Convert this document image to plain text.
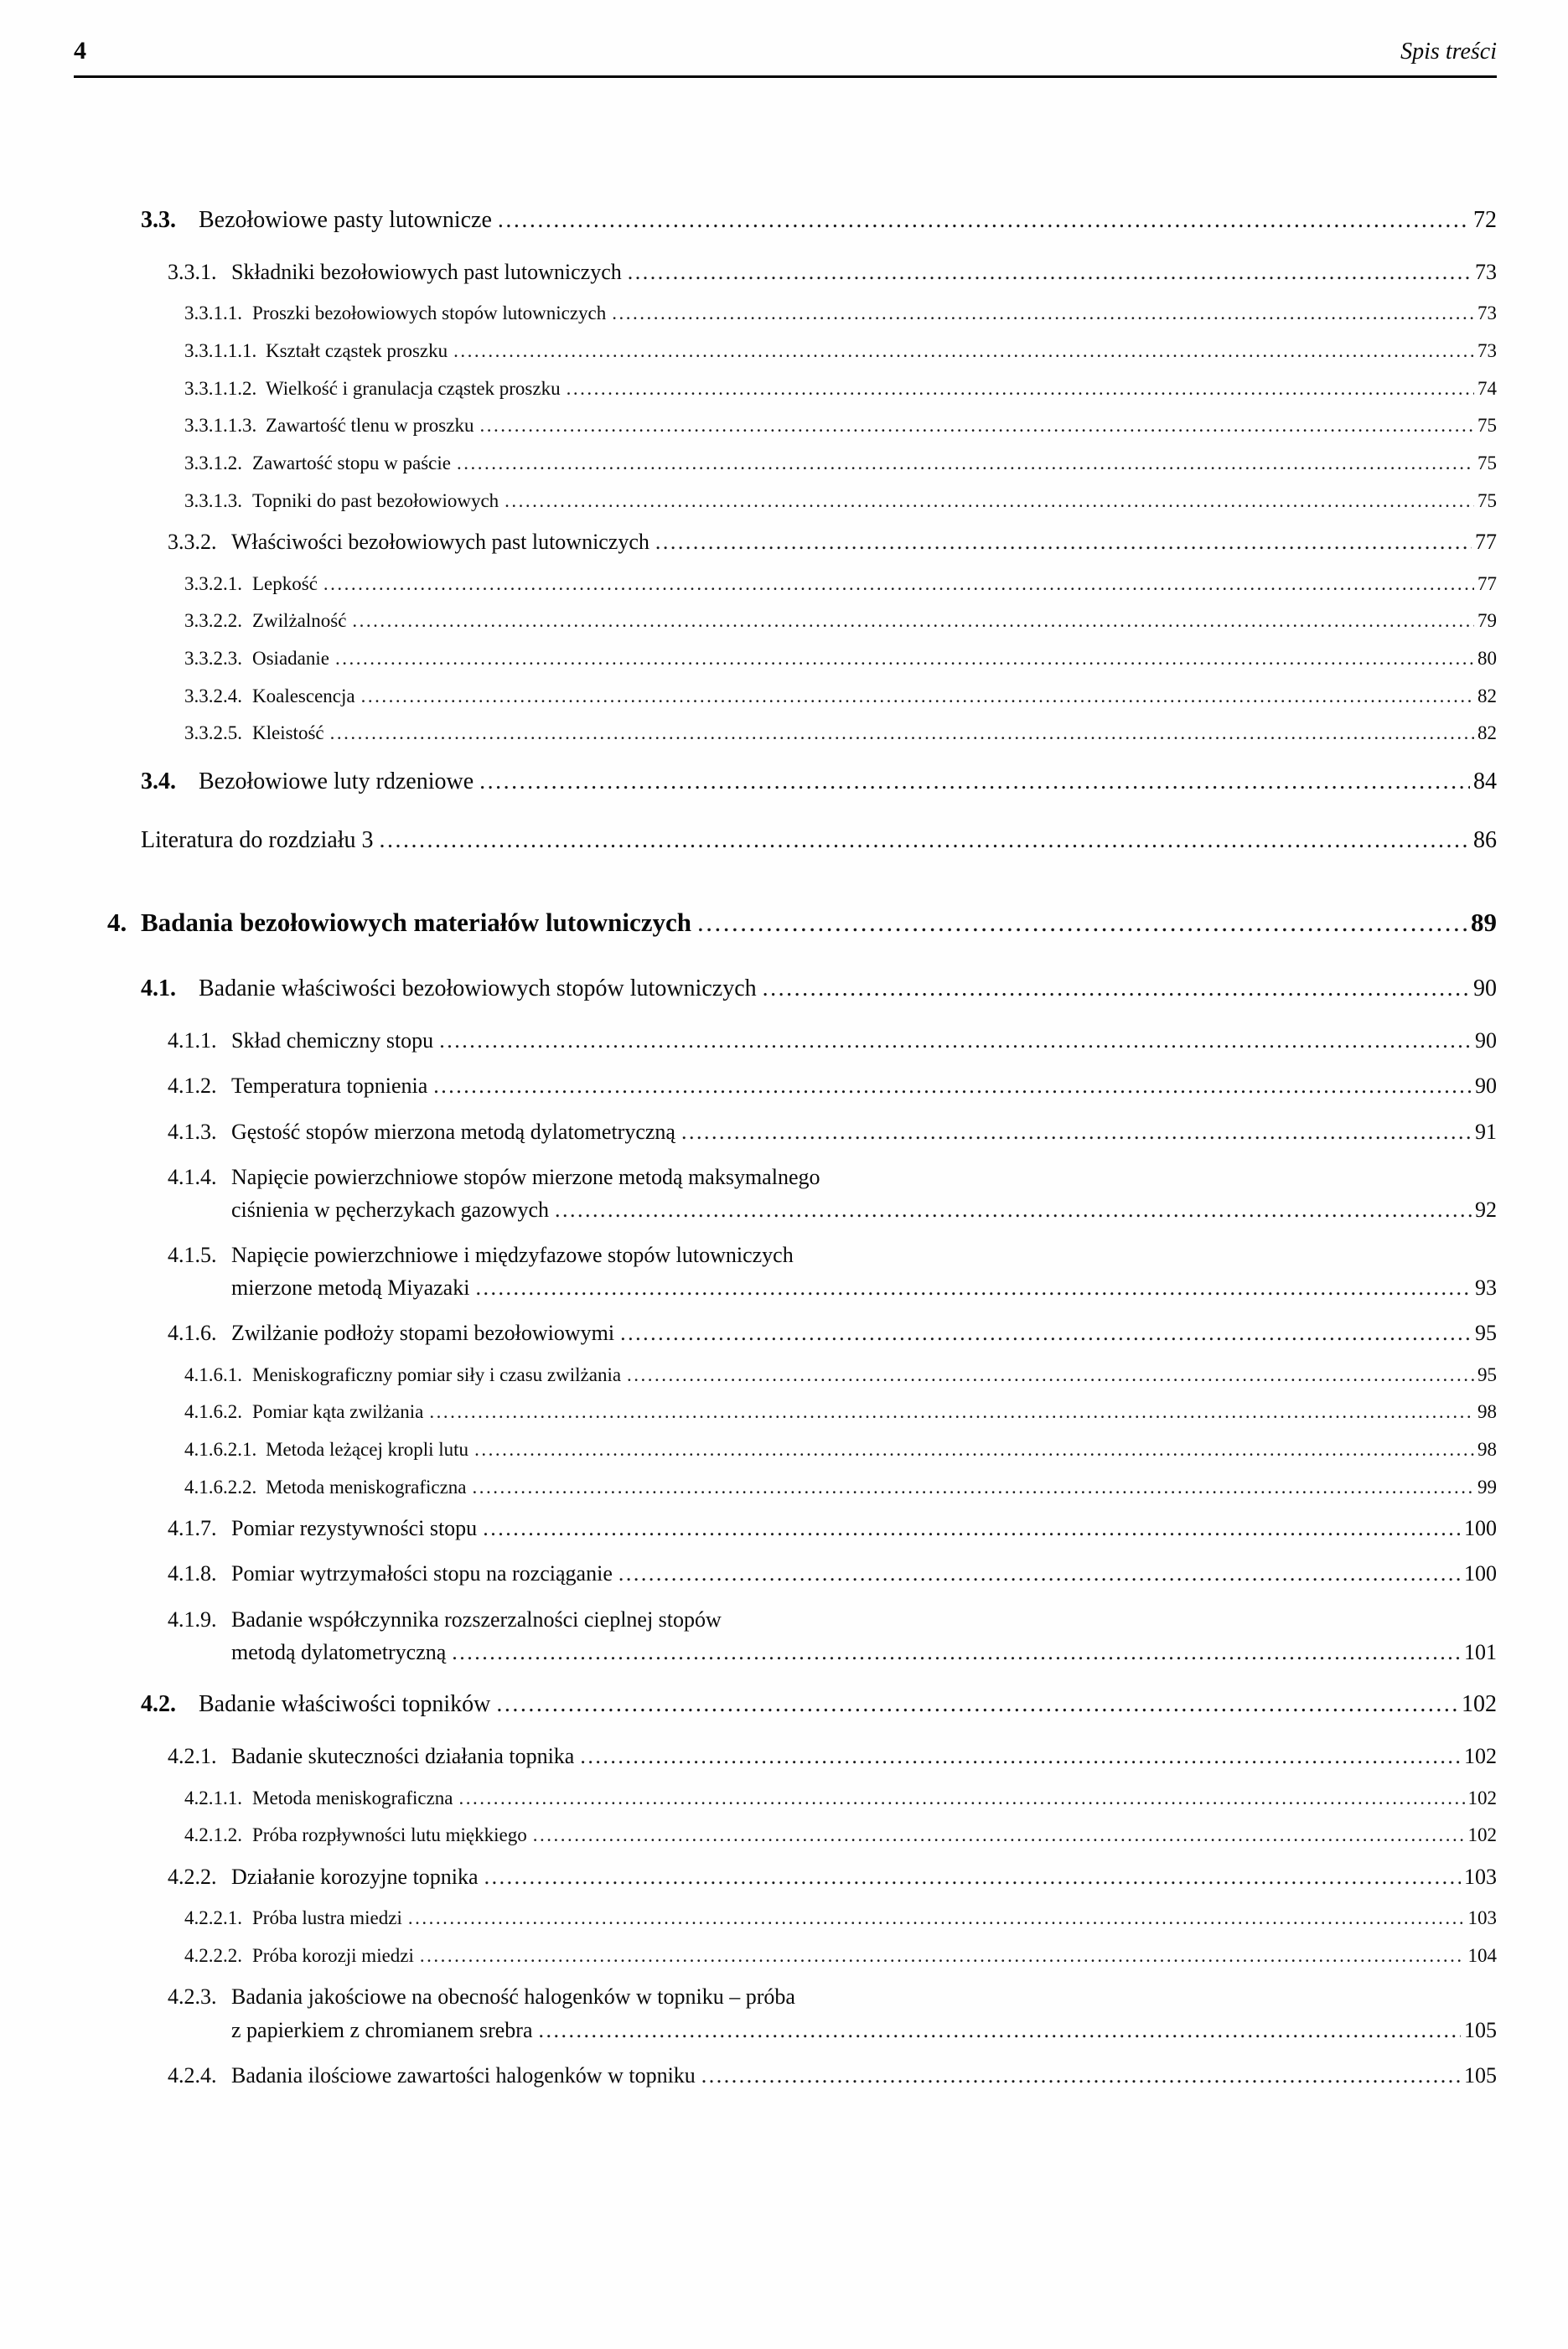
4	Spis treści
3.3. Bezołowiowe pasty lutownicze .....	72
3.3.1. Składniki bezołowiowych past lutowniczych .....	73
3.3.1.1. Proszki bezołowiowych stopów lutowniczych .....	73
3.3.1.1.1. Kształt cząstek proszku .....	73
3.3.1.1.2. Wielkość i granulacja cząstek proszku .....	74
3.3.1.1.3. Zawartość tlenu w proszku .....	75
3.3.1.2. Zawartość stopu w paście .....	75
3.3.1.3. Topniki do past bezołowiowych .....	75
3.3.2. Właściwości bezołowiowych past lutowniczych .....	77
3.3.2.1. Lepkość .....	77
3.3.2.2. Zwilżalność .....	79
3.3.2.3. Osiadanie .....	80
3.3.2.4. Koalescencja .....	82
3.3.2.5. Kleistość .....	82
3.4. Bezołowiowe luty rdzeniowe .....	84
Literatura do rozdziału 3 .....	86
4. Badania bezołowiowych materiałów lutowniczych .....	89
4.1. Badanie właściwości bezołowiowych stopów lutowniczych .....	90
4.1.1. Skład chemiczny stopu .....	90
4.1.2. Temperatura topnienia .....	90
4.1.3. Gęstość stopów mierzona metodą dylatometryczną .....	91
4.1.4. Napięcie powierzchniowe stopów mierzone metodą maksymalnego
ciśnienia w pęcherzykach gazowych .....	92
4.1.5. Napięcie powierzchniowe i międzyfazowe stopów lutowniczych
mierzone metodą Miyazaki .....	93
4.1.6. Zwilżanie podłoży stopami bezołowiowymi .....	95
4.1.6.1. Meniskograficzny pomiar siły i czasu zwilżania .....	95
4.1.6.2. Pomiar kąta zwilżania .....	98
4.1.6.2.1. Metoda leżącej kropli lutu .....	98
4.1.6.2.2. Metoda meniskograficzna .....	99
4.1.7. Pomiar rezystywności stopu .....	100
4.1.8. Pomiar wytrzymałości stopu na rozciąganie .....	100
4.1.9. Badanie współczynnika rozszerzalności cieplnej stopów
metodą dylatometryczną .....	101
4.2. Badanie właściwości topników .....	102
4.2.1. Badanie skuteczności działania topnika .....	102
4.2.1.1. Metoda meniskograficzna .....	102
4.2.1.2. Próba rozpływności lutu miękkiego .....	102
4.2.2. Działanie korozyjne topnika .....	103
4.2.2.1. Próba lustra miedzi .....	103
4.2.2.2. Próba korozji miedzi .....	104
4.2.3. Badania jakościowe na obecność halogenków w topniku – próba
z papierkiem z chromianem srebra .....	105
4.2.4. Badania ilościowe zawartości halogenków w topniku .....	105
